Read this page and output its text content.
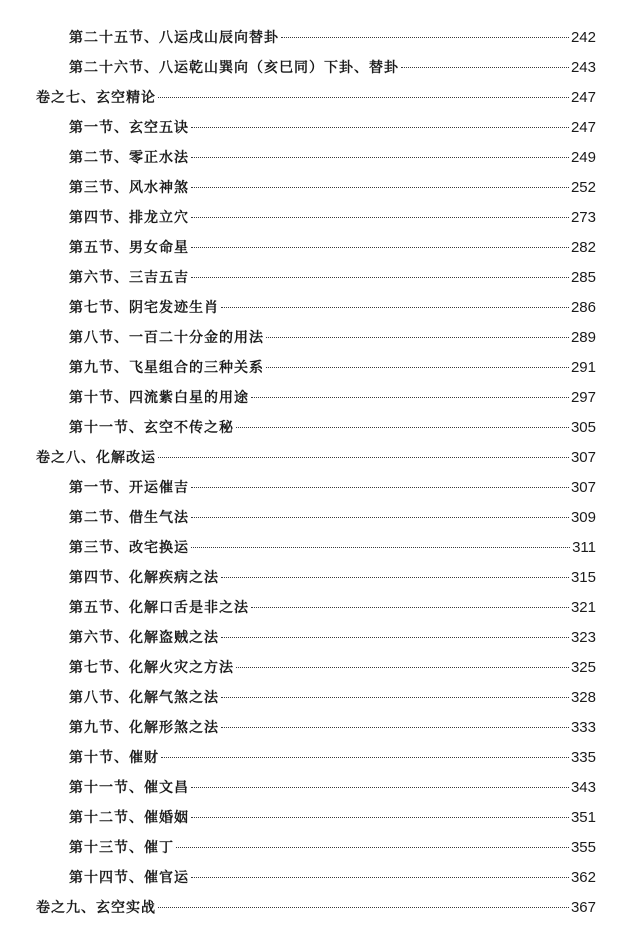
第二十五节、八运戌山辰向替卦	242
第二十六节、八运乾山巽向（亥巳同）下卦、替卦	243
卷之七、玄空精论	247
第一节、玄空五诀	247
第二节、零正水法	249
第三节、风水神煞	252
第四节、排龙立穴	273
第五节、男女命星	282
第六节、三吉五吉	285
第七节、阴宅发迹生肖	286
第八节、一百二十分金的用法	289
第九节、飞星组合的三种关系	291
第十节、四流紫白星的用途	297
第十一节、玄空不传之秘	305
卷之八、化解改运	307
第一节、开运催吉	307
第二节、借生气法	309
第三节、改宅换运	311
第四节、化解疾病之法	315
第五节、化解口舌是非之法	321
第六节、化解盗贼之法	323
第七节、化解火灾之方法	325
第八节、化解气煞之法	328
第九节、化解形煞之法	333
第十节、催财	335
第十一节、催文昌	343
第十二节、催婚姻	351
第十三节、催丁	355
第十四节、催官运	362
卷之九、玄空实战	367
